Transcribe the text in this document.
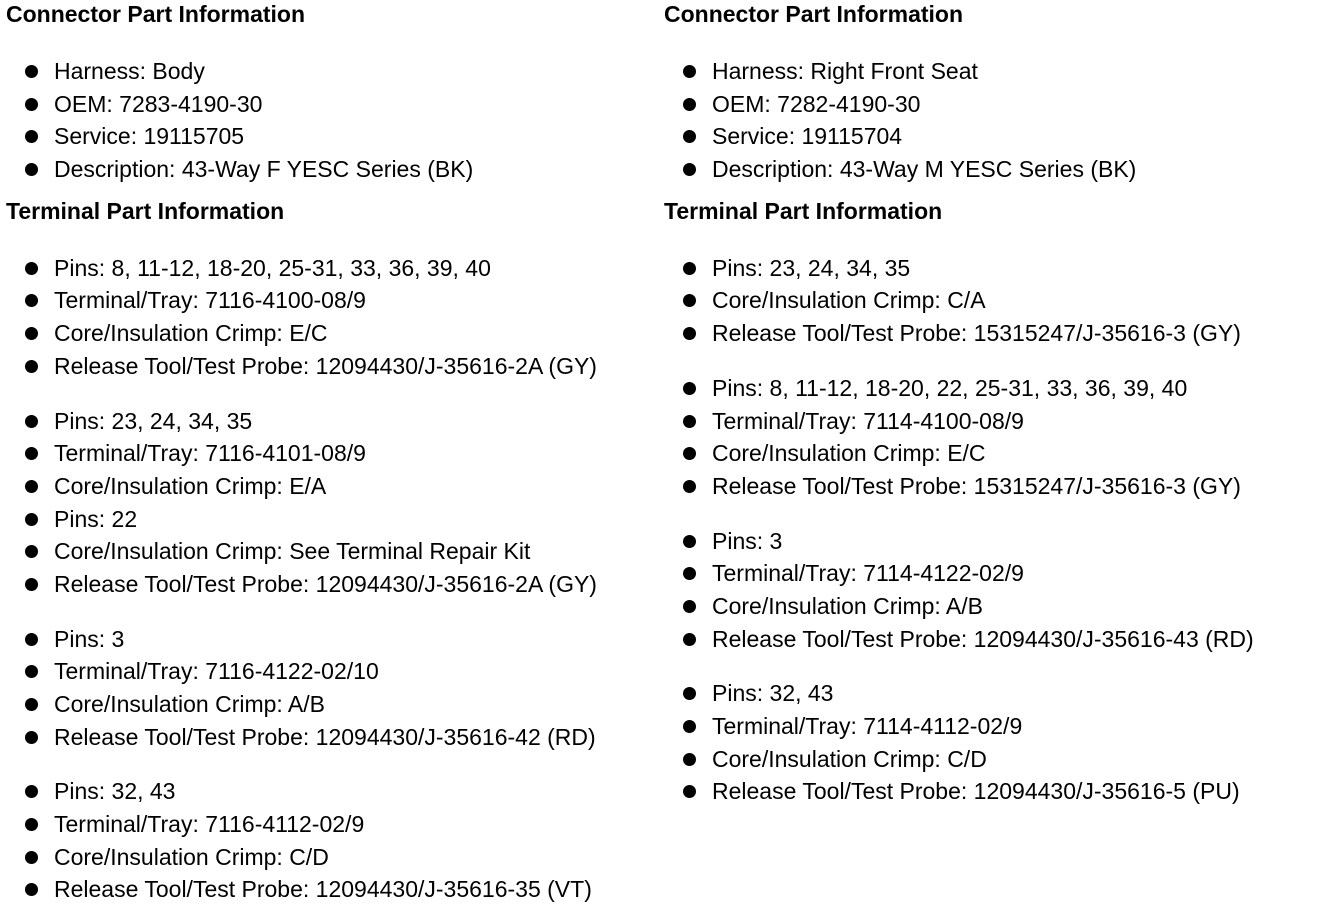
Connector Part Information
Harness: Body
OEM: 7283-4190-30
Service: 19115705
Description: 43-Way F YESC Series (BK)
Terminal Part Information
Pins: 8, 11-12, 18-20, 25-31, 33, 36, 39, 40
Terminal/Tray: 7116-4100-08/9
Core/Insulation Crimp: E/C
Release Tool/Test Probe: 12094430/J-35616-2A (GY)
Pins: 23, 24, 34, 35
Terminal/Tray: 7116-4101-08/9
Core/Insulation Crimp: E/A
Pins: 22
Core/Insulation Crimp: See Terminal Repair Kit
Release Tool/Test Probe: 12094430/J-35616-2A (GY)
Pins: 3
Terminal/Tray: 7116-4122-02/10
Core/Insulation Crimp: A/B
Release Tool/Test Probe: 12094430/J-35616-42 (RD)
Pins: 32, 43
Terminal/Tray: 7116-4112-02/9
Core/Insulation Crimp: C/D
Release Tool/Test Probe: 12094430/J-35616-35 (VT)
Connector Part Information
Harness: Right Front Seat
OEM: 7282-4190-30
Service: 19115704
Description: 43-Way M YESC Series (BK)
Terminal Part Information
Pins: 23, 24, 34, 35
Core/Insulation Crimp: C/A
Release Tool/Test Probe: 15315247/J-35616-3 (GY)
Pins: 8, 11-12, 18-20, 22, 25-31, 33, 36, 39, 40
Terminal/Tray: 7114-4100-08/9
Core/Insulation Crimp: E/C
Release Tool/Test Probe: 15315247/J-35616-3 (GY)
Pins: 3
Terminal/Tray: 7114-4122-02/9
Core/Insulation Crimp: A/B
Release Tool/Test Probe: 12094430/J-35616-43 (RD)
Pins: 32, 43
Terminal/Tray: 7114-4112-02/9
Core/Insulation Crimp: C/D
Release Tool/Test Probe: 12094430/J-35616-5 (PU)
